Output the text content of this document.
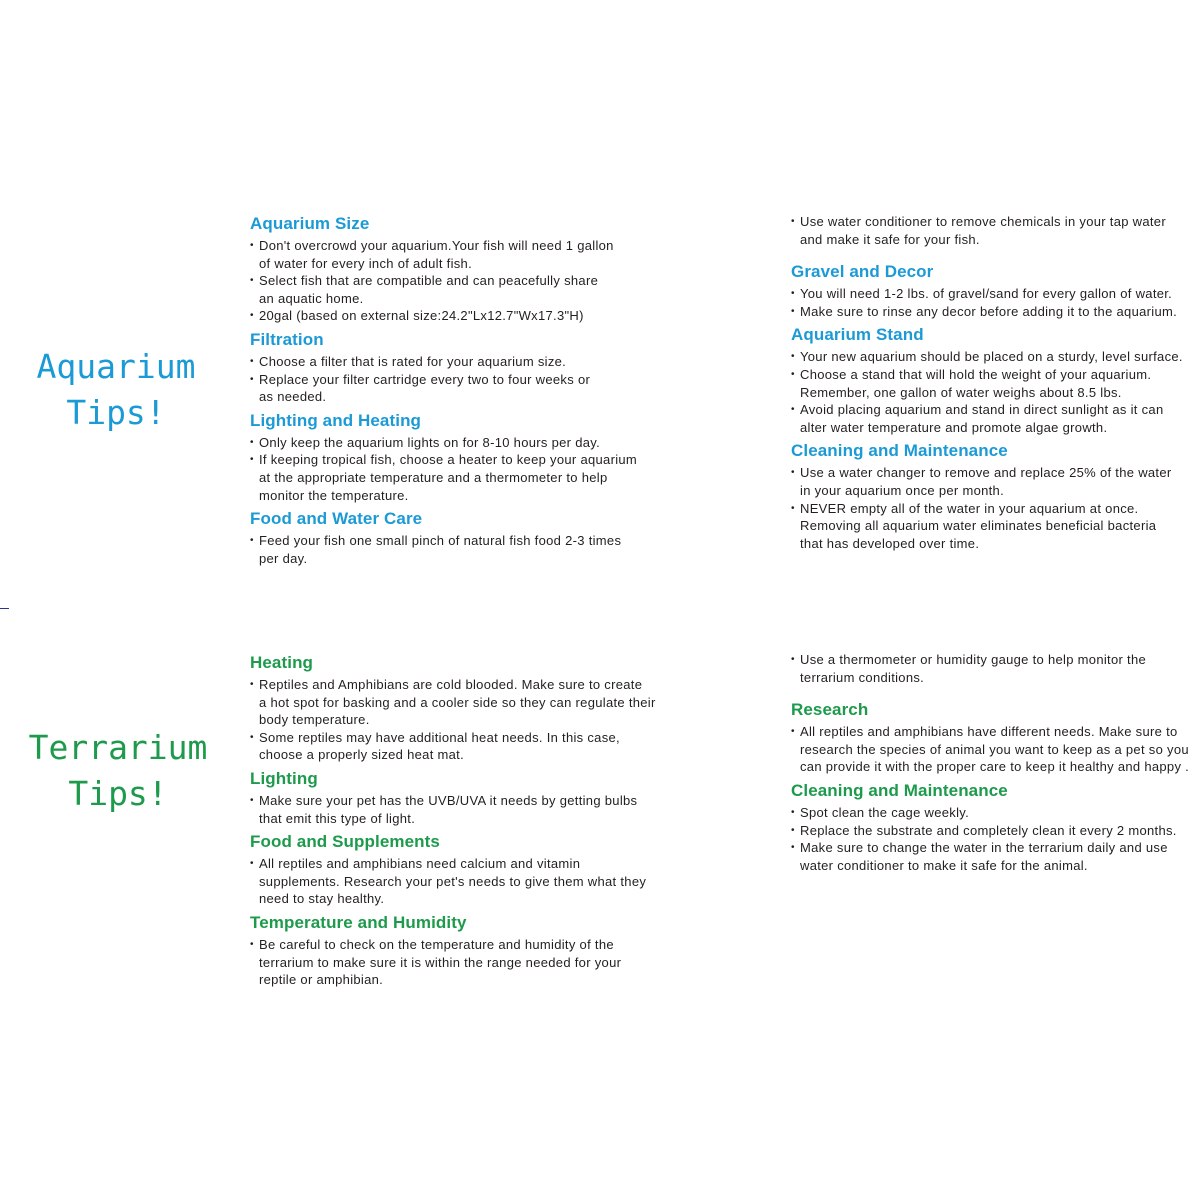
Aquarium
Tips!
Aquarium Size
• Don't overcrowd your aquarium.Your fish will need 1 gallon
of water for every inch of adult fish.
• Select fish that are compatible and can peacefully share
an aquatic home.
• 20gal (based on external size:24.2"Lx12.7"Wx17.3"H)
Filtration
• Choose a filter that is rated for your aquarium size.
• Replace your filter cartridge every two to four weeks or
as needed.
Lighting and Heating
• Only keep the aquarium lights on for 8-10 hours per day.
• If keeping tropical fish, choose a heater to keep your aquarium
at the appropriate temperature and a thermometer to help
monitor the temperature.
Food and Water Care
• Feed your fish one small pinch of natural fish food 2-3 times
per day.
• Use water conditioner to remove chemicals in your tap water
and make it safe for your fish.
Gravel and Decor
• You will need 1-2 lbs. of gravel/sand for every gallon of water.
• Make sure to rinse any decor before adding it to the aquarium.
Aquarium Stand
• Your new aquarium should be placed on a sturdy, level surface.
• Choose a stand that will hold the weight of your aquarium.
Remember, one gallon of water weighs about 8.5 lbs.
• Avoid placing aquarium and stand in direct sunlight as it can
alter water temperature and promote algae growth.
Cleaning and Maintenance
• Use a water changer to remove and replace 25% of the water
in your aquarium once per month.
• NEVER empty all of the water in your aquarium at once.
Removing all aquarium water eliminates beneficial bacteria
that has developed over time.
Terrarium
Tips!
Heating
• Reptiles and Amphibians are cold blooded. Make sure to create
a hot spot for basking and a cooler side so they can regulate their
body temperature.
• Some reptiles may have additional heat needs. In this case,
choose a properly sized heat mat.
Lighting
• Make sure your pet has the UVB/UVA it needs by getting bulbs
that emit this type of light.
Food and Supplements
• All reptiles and amphibians need calcium and vitamin
supplements. Research your pet's needs to give them what they
need to stay healthy.
Temperature and Humidity
• Be careful to check on the temperature and humidity of the
terrarium to make sure it is within the range needed for your
reptile or amphibian.
• Use a thermometer or humidity gauge to help monitor the
terrarium conditions.
Research
• All reptiles and amphibians have different needs. Make sure to
research the species of animal you want to keep as a pet so you
can provide it with the proper care to keep it healthy and happy .
Cleaning and Maintenance
• Spot clean the cage weekly.
• Replace the substrate and completely clean it every 2 months.
• Make sure to change the water in the terrarium daily and use
water conditioner to make it safe for the animal.
